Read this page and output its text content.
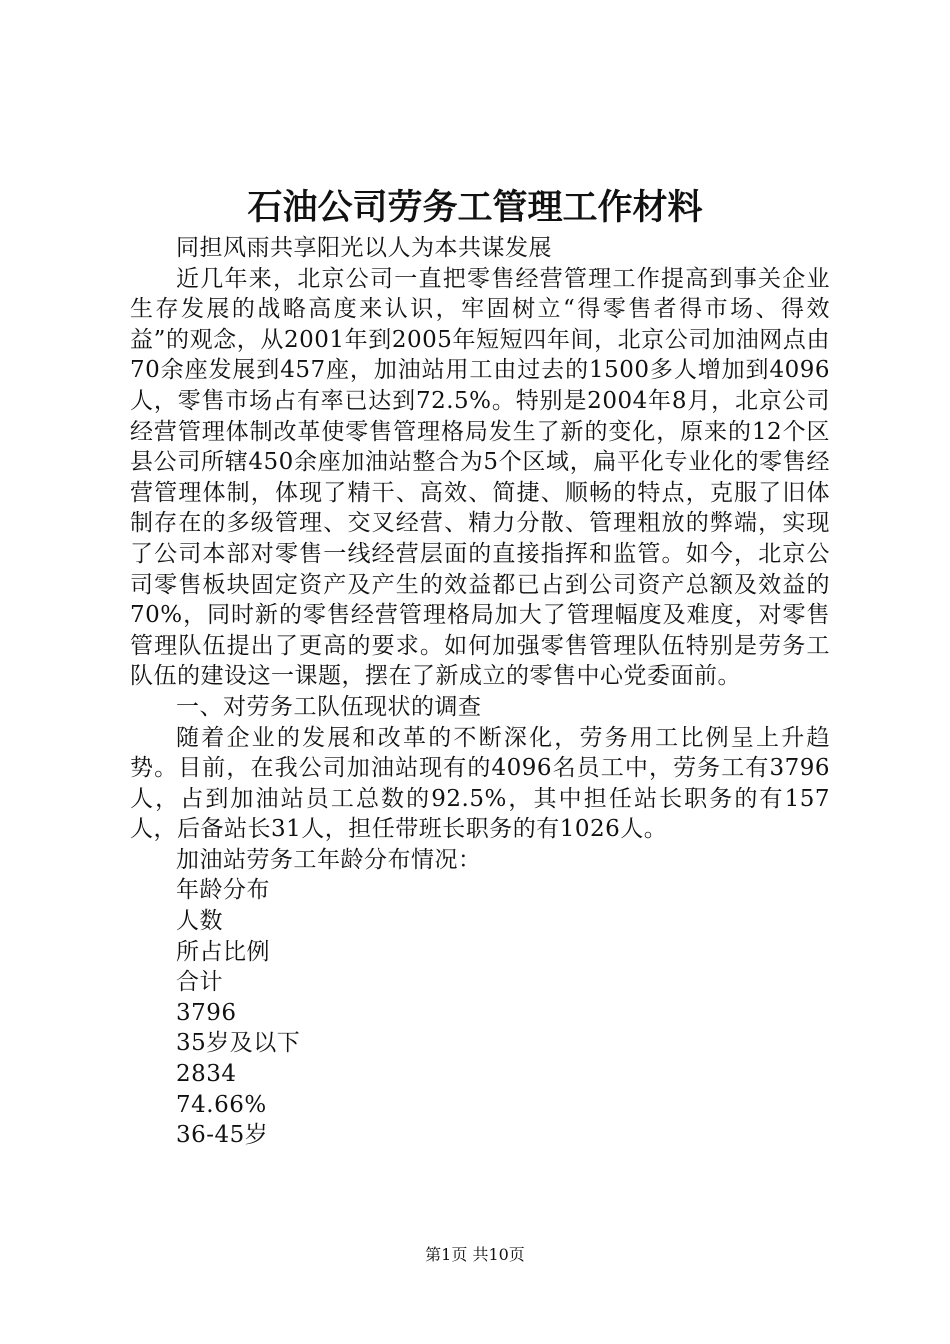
石油公司劳务工管理工作材料

同担风雨共享阳光以人为本共谋发展

近几年来，北京公司一直把零售经营管理工作提高到事关企业生存发展的战略高度来认识，牢固树立“得零售者得市场、得效益”的观念，从2001年到2005年短短四年间，北京公司加油网点由70余座发展到457座，加油站用工由过去的1500多人增加到4096人，零售市场占有率已达到72.5%。特别是2004年8月，北京公司经营管理体制改革使零售管理格局发生了新的变化，原来的12个区县公司所辖450余座加油站整合为5个区域，扁平化专业化的零售经营管理体制，体现了精干、高效、简捷、顺畅的特点，克服了旧体制存在的多级管理、交叉经营、精力分散、管理粗放的弊端，实现了公司本部对零售一线经营层面的直接指挥和监管。如今，北京公司零售板块固定资产及产生的效益都已占到公司资产总额及效益的70%，同时新的零售经营管理格局加大了管理幅度及难度，对零售管理队伍提出了更高的要求。如何加强零售管理队伍特别是劳务工队伍的建设这一课题，摆在了新成立的零售中心党委面前。

一、对劳务工队伍现状的调查

随着企业的发展和改革的不断深化，劳务用工比例呈上升趋势。目前，在我公司加油站现有的4096名员工中，劳务工有3796人，占到加油站员工总数的92.5%，其中担任站长职务的有157人，后备站长31人，担任带班长职务的有1026人。

加油站劳务工年龄分布情况：

年龄分布

人数

所占比例

合计

3796

35岁及以下

2834

74.66%

36-45岁

第1页 共10页
